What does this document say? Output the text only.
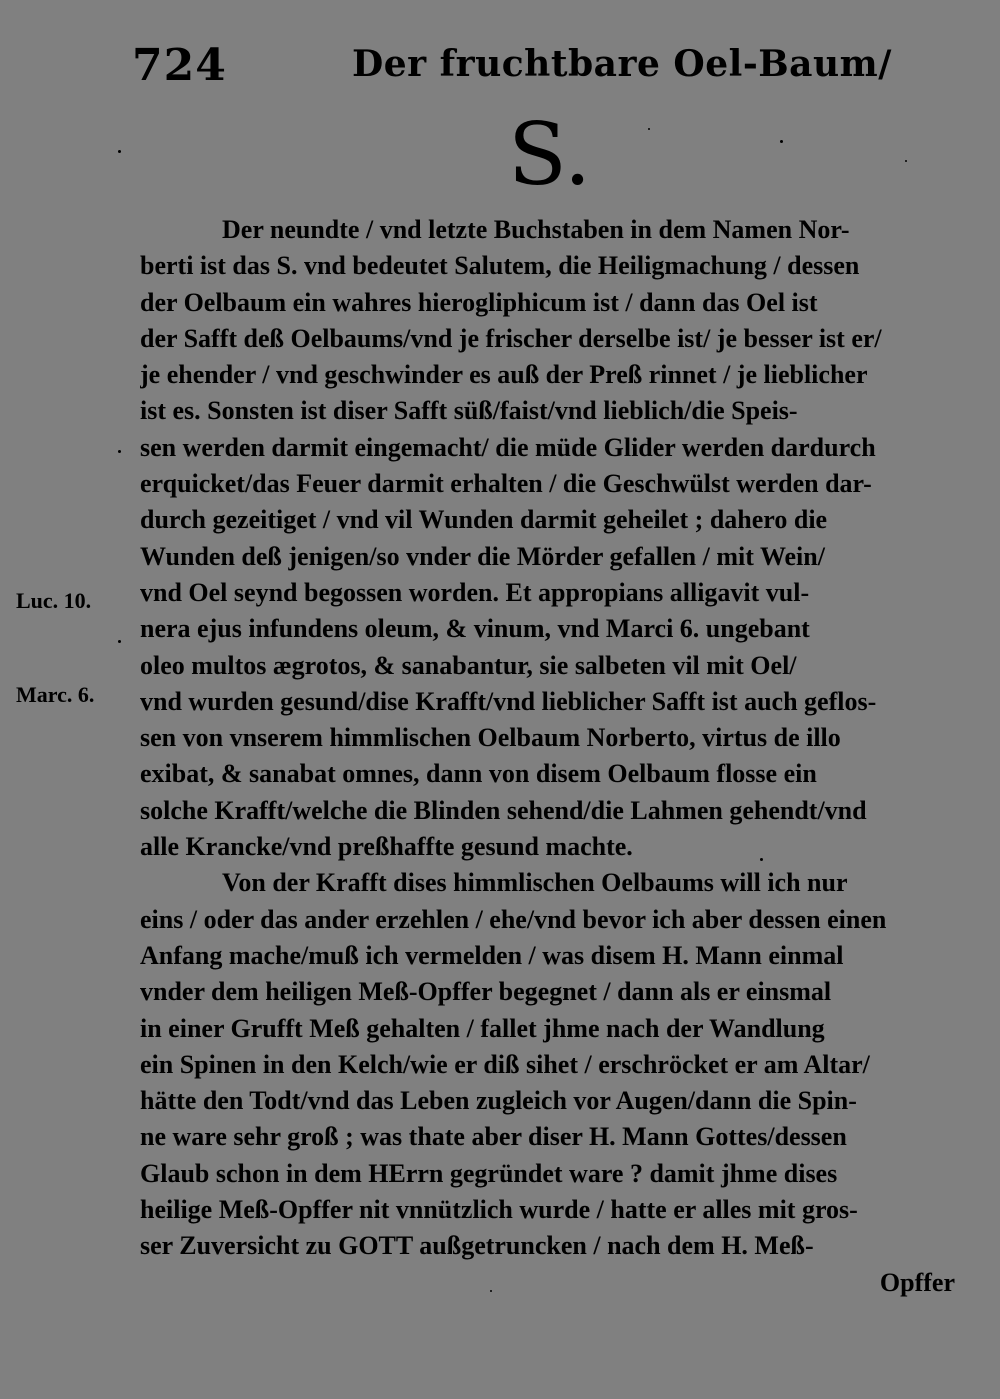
724	Der fruchtbare Oel-Baum/
S.
Luc. 10.
Marc. 6.
Der neundte / vnd letzte Buchstaben in dem Namen Nor-
berti ist das S. vnd bedeutet Salutem, die Heiligmachung / dessen
der Oelbaum ein wahres hierogliphicum ist / dann das Oel ist
der Safft deß Oelbaums/vnd je frischer derselbe ist/ je besser ist er/
je ehender / vnd geschwinder es auß der Preß rinnet / je lieblicher
ist es. Sonsten ist diser Safft süß/faist/vnd lieblich/die Speis-
sen werden darmit eingemacht/ die müde Glider werden dardurch
erquicket/das Feuer darmit erhalten / die Geschwülst werden dar-
durch gezeitiget / vnd vil Wunden darmit geheilet ; dahero die
Wunden deß jenigen/so vnder die Mörder gefallen / mit Wein/
vnd Oel seynd begossen worden. Et appropians alligavit vul-
nera ejus infundens oleum, & vinum, vnd Marci 6. ungebant
oleo multos ægrotos, & sanabantur, sie salbeten vil mit Oel/
vnd wurden gesund/dise Krafft/vnd lieblicher Safft ist auch geflos-
sen von vnserem himmlischen Oelbaum Norberto, virtus de illo
exibat, & sanabat omnes, dann von disem Oelbaum flosse ein
solche Krafft/welche die Blinden sehend/die Lahmen gehendt/vnd
alle Krancke/vnd preßhaffte gesund machte.
Von der Krafft dises himmlischen Oelbaums will ich nur
eins / oder das ander erzehlen / ehe/vnd bevor ich aber dessen einen
Anfang mache/muß ich vermelden / was disem H. Mann einmal
vnder dem heiligen Meß-Opffer begegnet / dann als er einsmal
in einer Grufft Meß gehalten / fallet jhme nach der Wandlung
ein Spinen in den Kelch/wie er diß sihet / erschröcket er am Altar/
hätte den Todt/vnd das Leben zugleich vor Augen/dann die Spin-
ne ware sehr groß ; was thate aber diser H. Mann Gottes/dessen
Glaub schon in dem HErrn gegründet ware ? damit jhme dises
heilige Meß-Opffer nit vnnützlich wurde / hatte er alles mit gros-
ser Zuversicht zu GOTT außgetruncken / nach dem H. Meß-
Opffer
